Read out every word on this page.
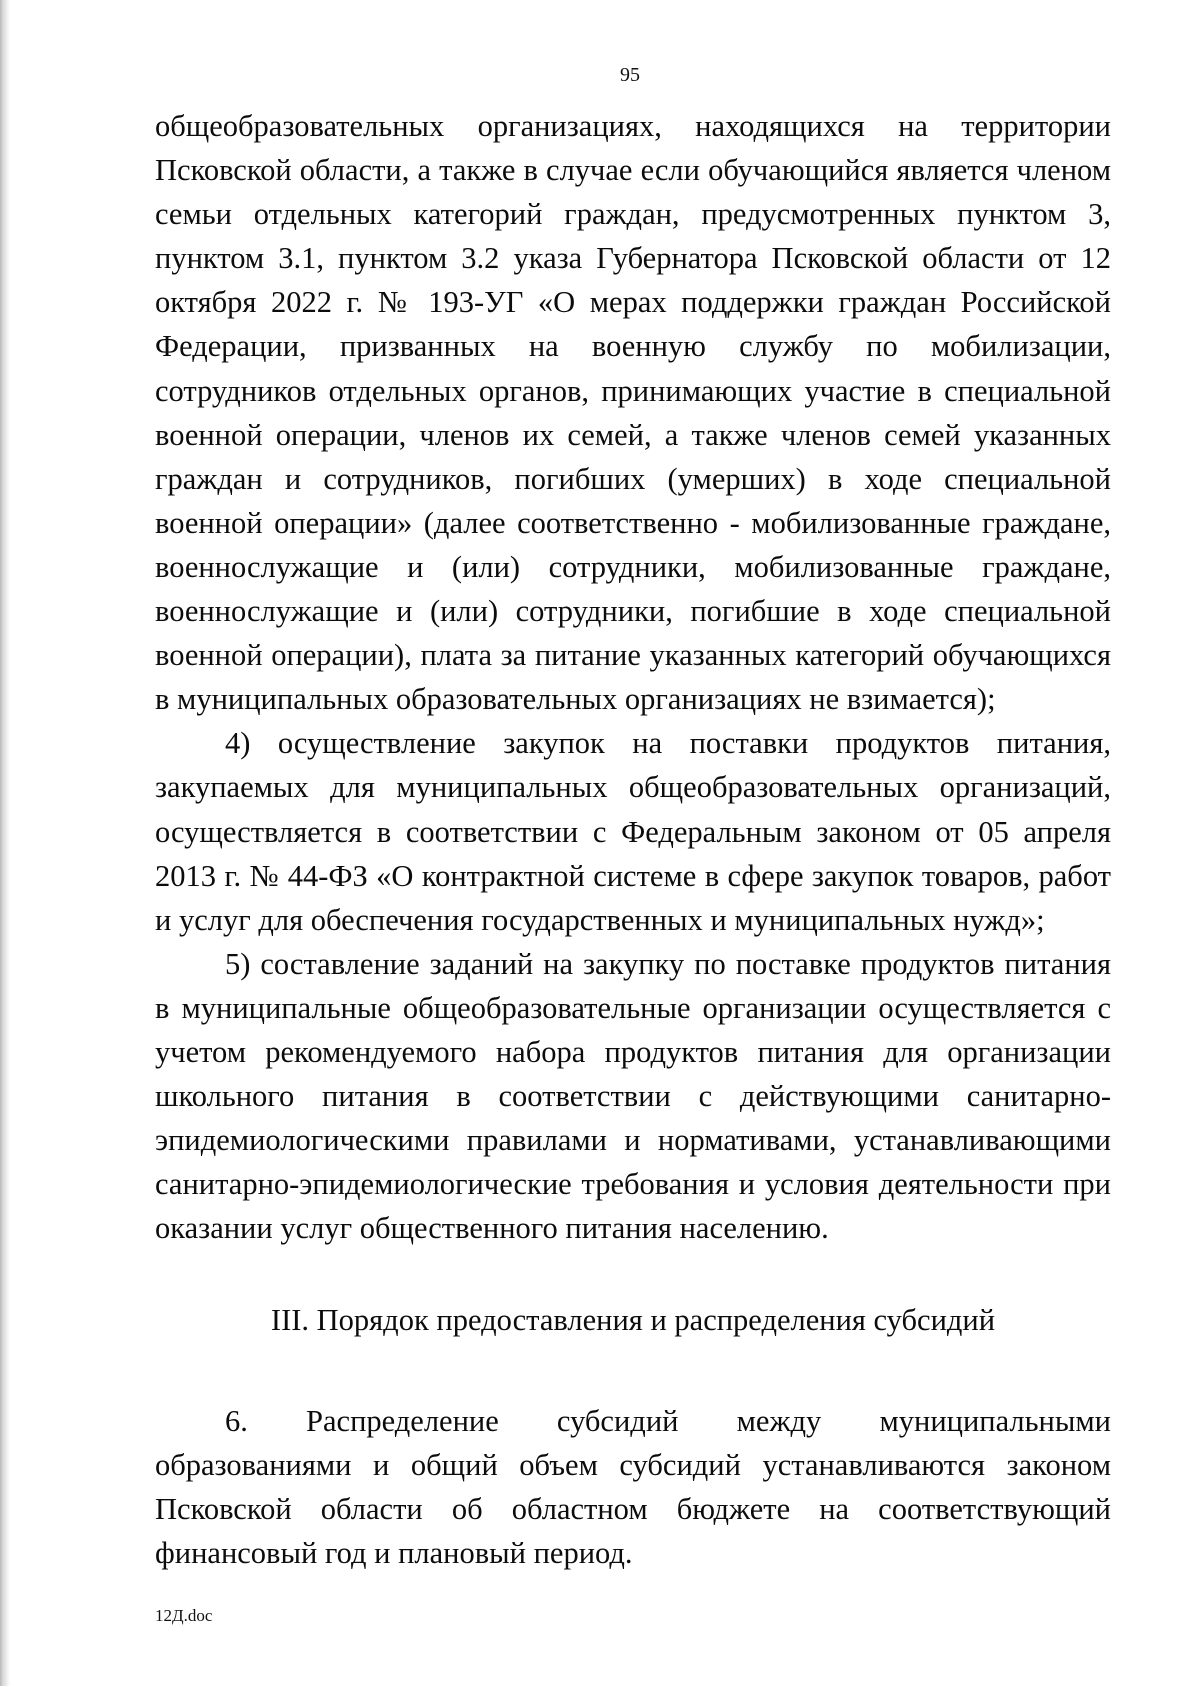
95

общеобразовательных организациях, находящихся на территории Псковской области, а также в случае если обучающийся является членом семьи отдельных категорий граждан, предусмотренных пунктом 3, пунктом 3.1, пунктом 3.2 указа Губернатора Псковской области от 12 октября 2022 г. № 193-УГ «О мерах поддержки граждан Российской Федерации, призванных на военную службу по мобилизации, сотрудников отдельных органов, принимающих участие в специальной военной операции, членов их семей, а также членов семей указанных граждан и сотрудников, погибших (умерших) в ходе специальной военной операции» (далее соответственно - мобилизованные граждане, военнослужащие и (или) сотрудники, мобилизованные граждане, военнослужащие и (или) сотрудники, погибшие в ходе специальной военной операции), плата за питание указанных категорий обучающихся в муниципальных образовательных организациях не взимается);

4) осуществление закупок на поставки продуктов питания, закупаемых для муниципальных общеобразовательных организаций, осуществляется в соответствии с Федеральным законом от 05 апреля 2013 г. № 44-ФЗ «О контрактной системе в сфере закупок товаров, работ и услуг для обеспечения государственных и муниципальных нужд»;

5) составление заданий на закупку по поставке продуктов питания в муниципальные общеобразовательные организации осуществляется с учетом рекомендуемого набора продуктов питания для организации школьного питания в соответствии с действующими санитарно-эпидемиологическими правилами и нормативами, устанавливающими санитарно-эпидемиологические требования и условия деятельности при оказании услуг общественного питания населению.

III. Порядок предоставления и распределения субсидий

6. Распределение субсидий между муниципальными образованиями и общий объем субсидий устанавливаются законом Псковской области об областном бюджете на соответствующий финансовый год и плановый период.

12Д.doc
